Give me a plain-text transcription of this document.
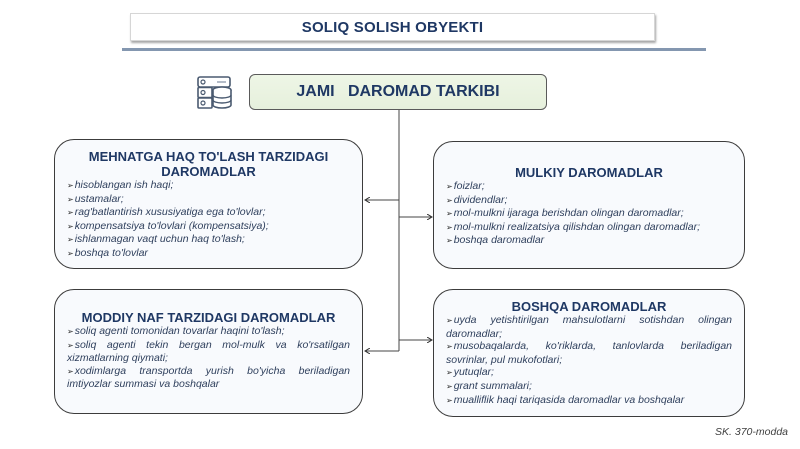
SOLIQ SOLISH OBYEKTI
JAMI   DAROMAD TARKIBI
MEHNATGA HAQ TO'LASH TARZIDAGI
DAROMADLAR
➢hisoblangan ish haqi;
➢ustamalar;
➢rag'batlantirish xususiyatiga ega to'lovlar;
➢kompensatsiya to'lovlari (kompensatsiya);
➢ishlanmagan vaqt uchun haq to'lash;
➢boshqa to'lovlar
MULKIY DAROMADLAR
➢foizlar;
➢dividendlar;
➢mol-mulkni ijaraga berishdan olingan daromadlar;
➢mol-mulkni realizatsiya qilishdan olingan daromadlar;
➢boshqa daromadlar
MODDIY NAF TARZIDAGI DAROMADLAR
➢soliq agenti tomonidan tovarlar haqini to'lash;
➢soliq agenti tekin bergan mol-mulk va ko'rsatilgan xizmatlarning qiymati;
➢xodimlarga transportda yurish bo'yicha beriladigan imtiyozlar summasi va boshqalar
BOSHQA DAROMADLAR
➢uyda yetishtirilgan mahsulotlarni sotishdan olingan daromadlar;
➢musobaqalarda, ko'riklarda, tanlovlarda beriladigan sovrinlar, pul mukofotlari;
➢yutuqlar;
➢grant summalari;
➢mualliflik haqi tariqasida daromadlar va boshqalar
SK. 370-modda
